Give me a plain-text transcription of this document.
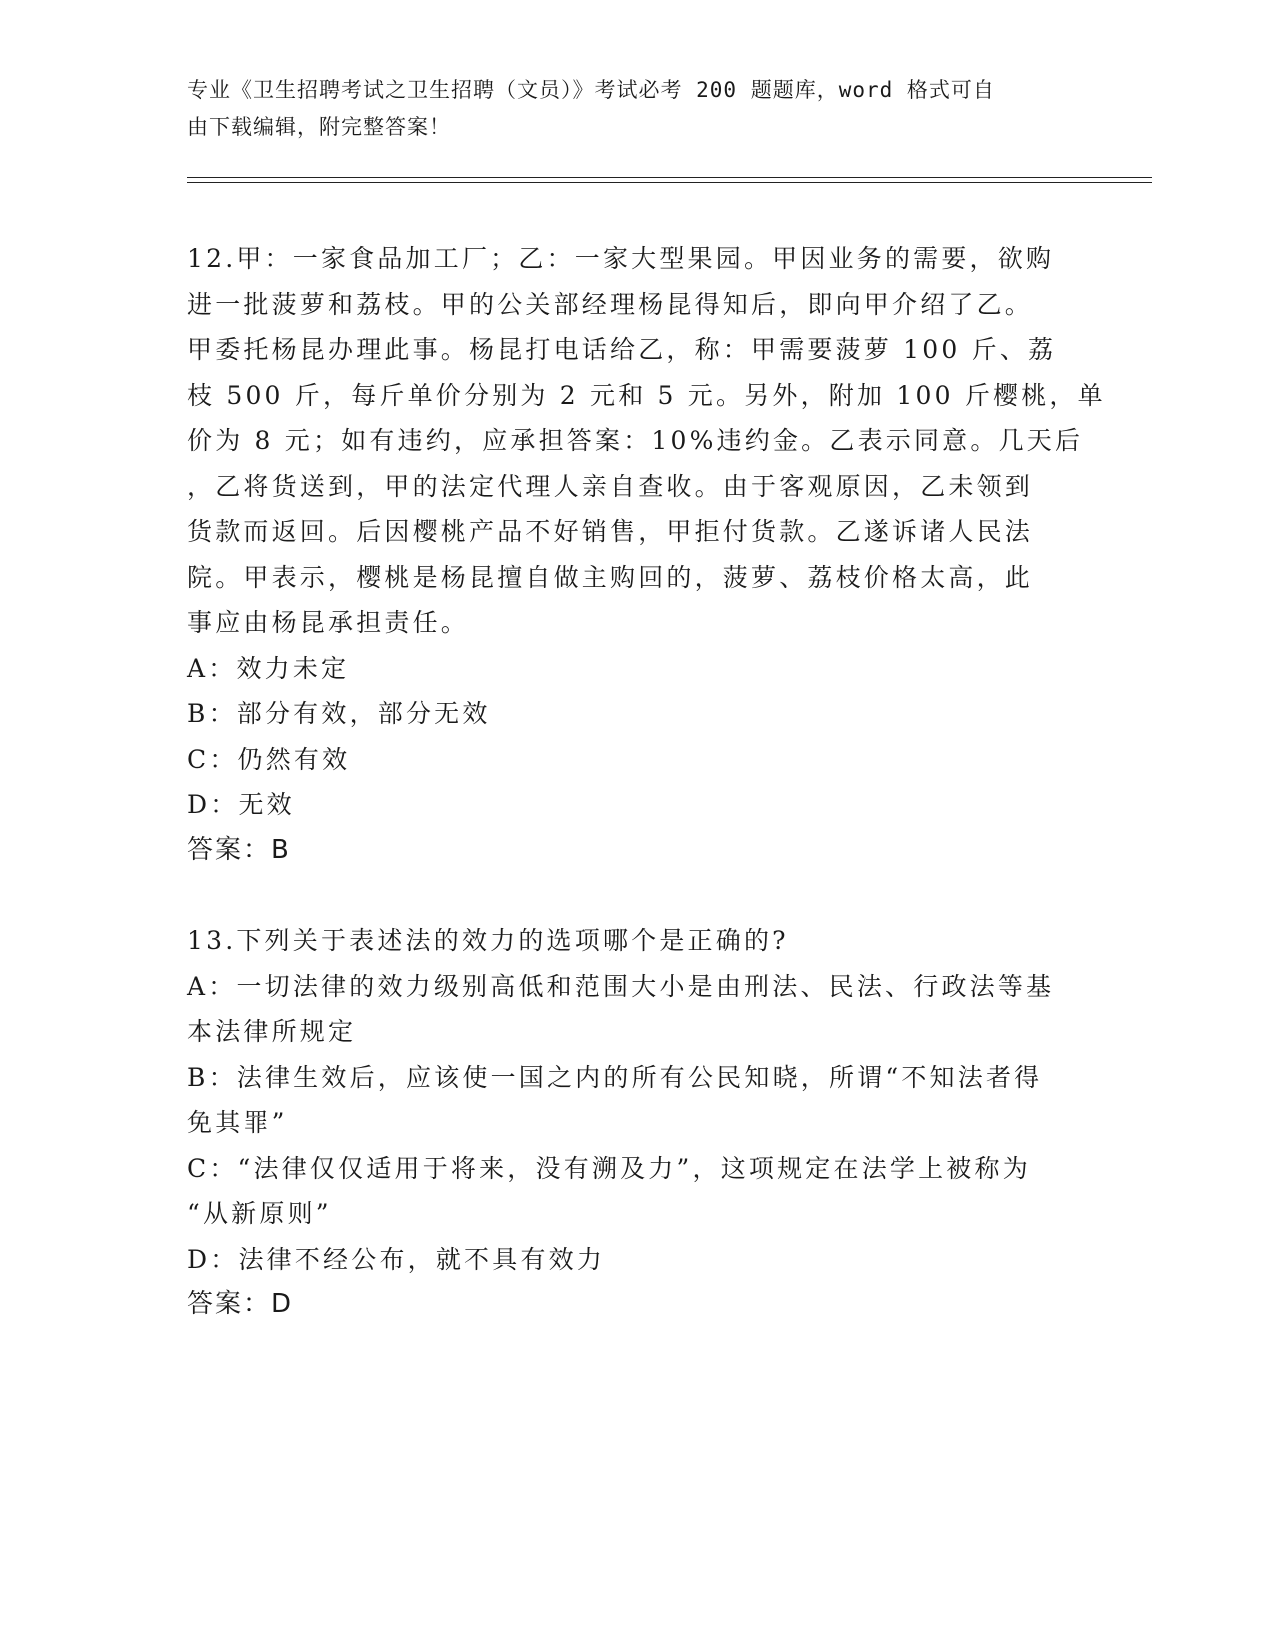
专业《卫生招聘考试之卫生招聘（文员）》考试必考 200 题题库，word 格式可自
由下载编辑，附完整答案！
12.甲：一家食品加工厂；乙：一家大型果园。甲因业务的需要，欲购
进一批菠萝和荔枝。甲的公关部经理杨昆得知后，即向甲介绍了乙。
甲委托杨昆办理此事。杨昆打电话给乙，称：甲需要菠萝 100 斤、荔
枝 500 斤，每斤单价分别为 2 元和 5 元。另外，附加 100 斤樱桃，单
价为 8 元；如有违约，应承担答案：10%违约金。乙表示同意。几天后
，乙将货送到，甲的法定代理人亲自查收。由于客观原因，乙未领到
货款而返回。后因樱桃产品不好销售，甲拒付货款。乙遂诉诸人民法
院。甲表示，樱桃是杨昆擅自做主购回的，菠萝、荔枝价格太高，此
事应由杨昆承担责任。
A：效力未定
B：部分有效，部分无效
C：仍然有效
D：无效
答案：B
13.下列关于表述法的效力的选项哪个是正确的?
A：一切法律的效力级别高低和范围大小是由刑法、民法、行政法等基
本法律所规定
B：法律生效后，应该使一国之内的所有公民知晓，所谓“不知法者得
免其罪”
C：“法律仅仅适用于将来，没有溯及力”，这项规定在法学上被称为
“从新原则”
D：法律不经公布，就不具有效力
答案：D
